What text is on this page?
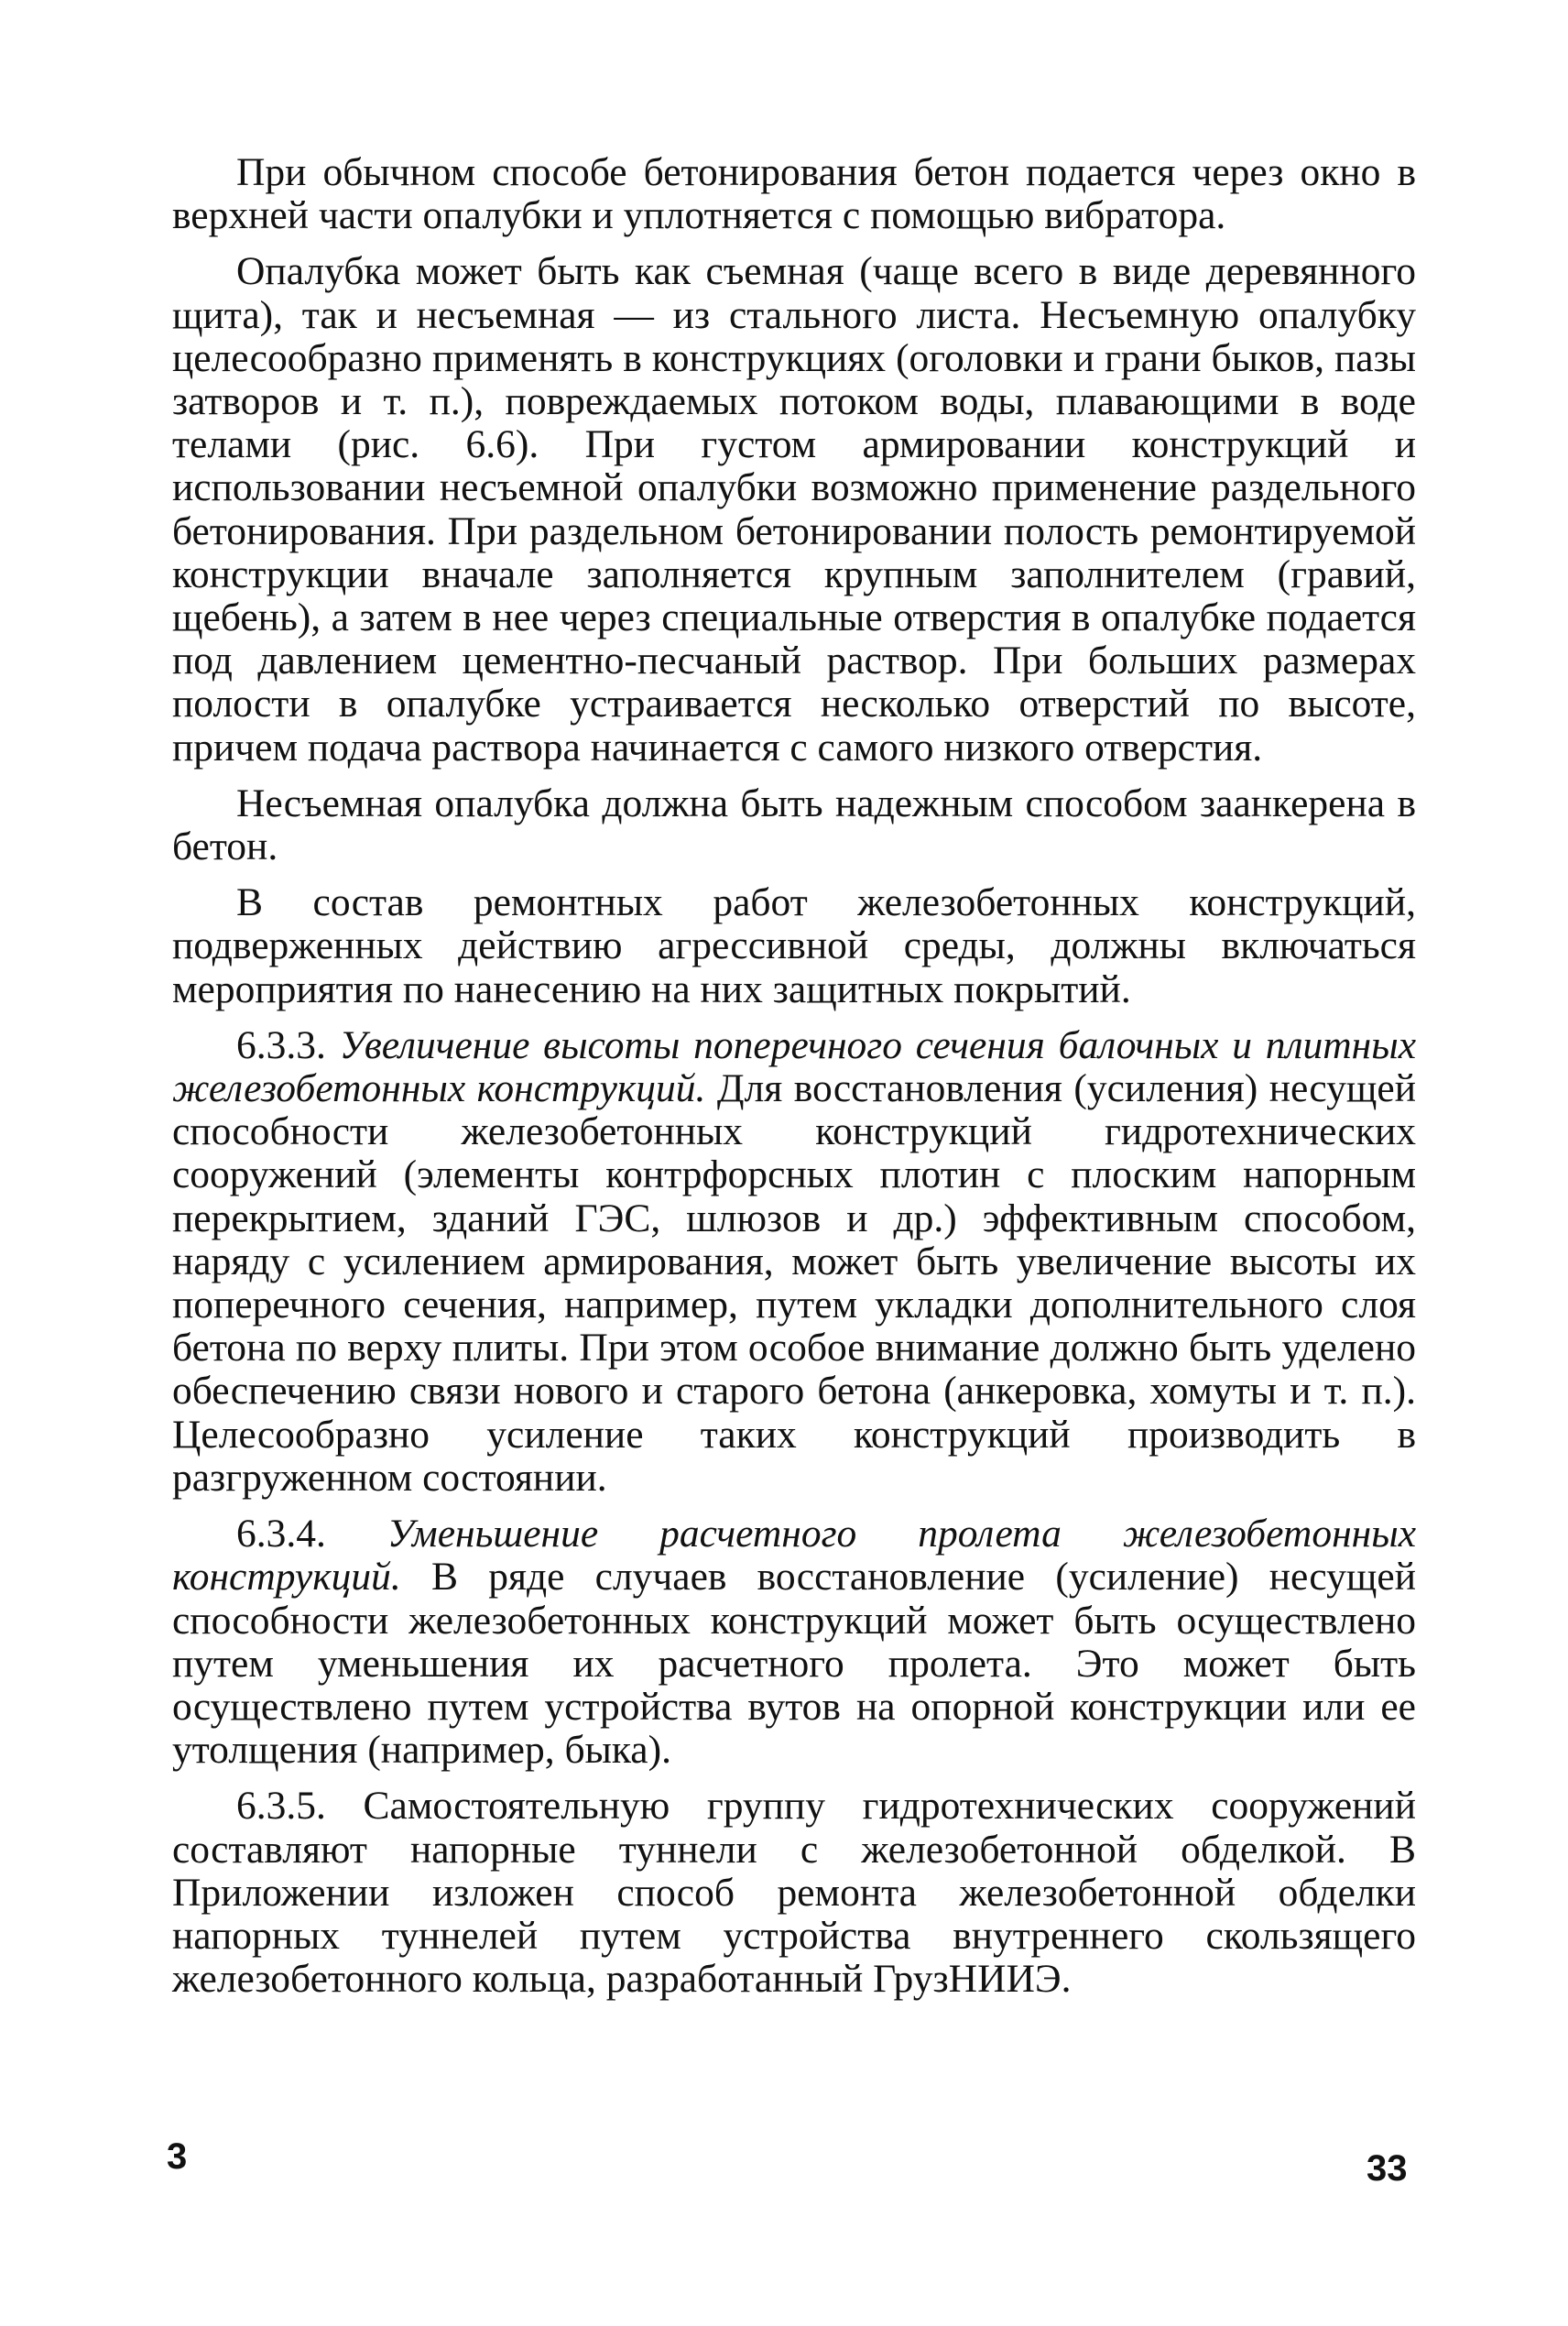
При обычном способе бетонирования бетон подается через окно в верхней части опалубки и уплотняется с помощью вибратора.

Опалубка может быть как съемная (чаще всего в виде деревянного щита), так и несъемная — из стального листа. Несъемную опалубку целесообразно применять в конструкциях (оголовки и грани быков, пазы затворов и т. п.), повреждаемых потоком воды, плавающими в воде телами (рис. 6.6). При густом армировании конструкций и использовании несъемной опалубки возможно применение раздельного бетонирования. При раздельном бетонировании полость ремонтируемой конструкции вначале заполняется крупным заполнителем (гравий, щебень), а затем в нее через специальные отверстия в опалубке подается под давлением цементно-песчаный раствор. При больших размерах полости в опалубке устраивается несколько отверстий по высоте, причем подача раствора начинается с самого низкого отверстия.

Несъемная опалубка должна быть надежным способом заанкерена в бетон.

В состав ремонтных работ железобетонных конструкций, подверженных действию агрессивной среды, должны включаться мероприятия по нанесению на них защитных покрытий.

6.3.3. Увеличение высоты поперечного сечения балочных и плитных железобетонных конструкций. Для восстановления (усиления) несущей способности железобетонных конструкций гидротехнических сооружений (элементы контрфорсных плотин с плоским напорным перекрытием, зданий ГЭС, шлюзов и др.) эффективным способом, наряду с усилением армирования, может быть увеличение высоты их поперечного сечения, например, путем укладки дополнительного слоя бетона по верху плиты. При этом особое внимание должно быть уделено обеспечению связи нового и старого бетона (анкеровка, хомуты и т. п.). Целесообразно усиление таких конструкций производить в разгруженном состоянии.

6.3.4. Уменьшение расчетного пролета железобетонных конструкций. В ряде случаев восстановление (усиление) несущей способности железобетонных конструкций может быть осуществлено путем уменьшения их расчетного пролета. Это может быть осуществлено путем устройства вутов на опорной конструкции или ее утолщения (например, быка).

6.3.5. Самостоятельную группу гидротехнических сооружений составляют напорные туннели с железобетонной обделкой. В Приложении изложен способ ремонта железобетонной обделки напорных туннелей путем устройства внутреннего скользящего железобетонного кольца, разработанный ГрузНИИЭ.

3	33
